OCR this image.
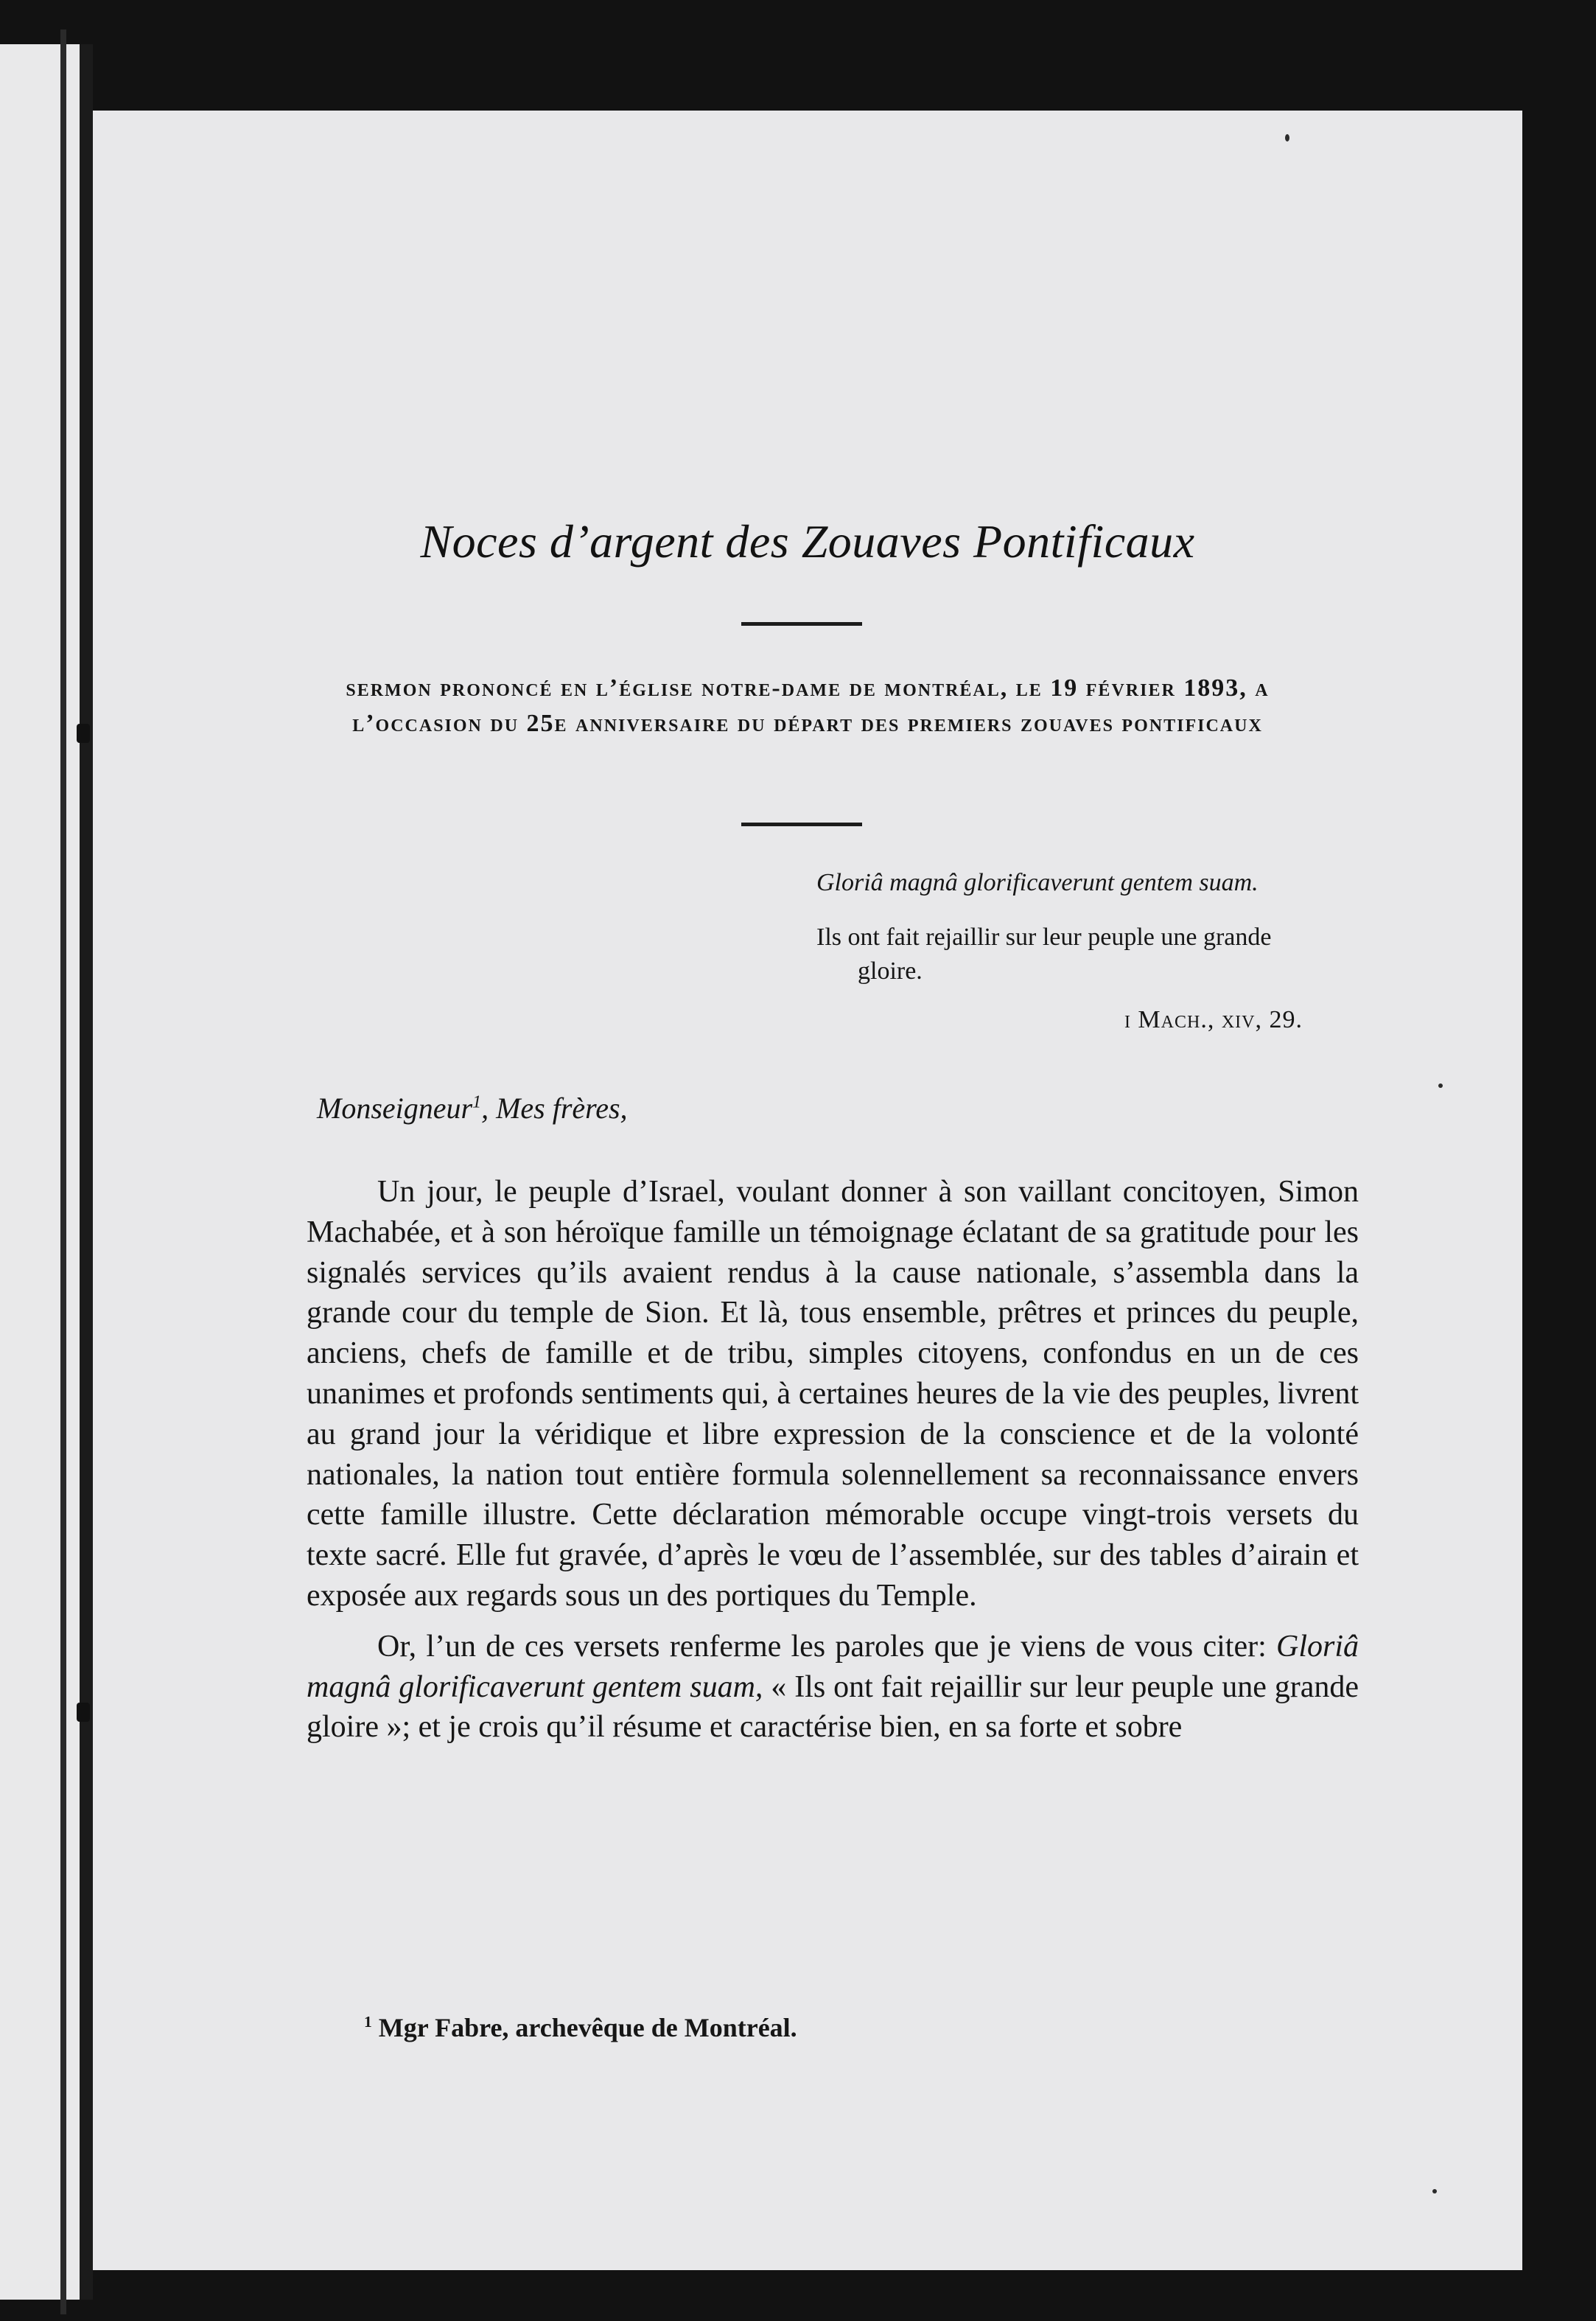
Noces d’argent des Zouaves Pontificaux
sermon prononcé en l’église notre-dame de montréal, le 19 février 1893, a l’occasion du 25e anniversaire du départ des premiers zouaves pontificaux

Gloriâ magnâ glorificaverunt gentem suam.

Ils ont fait rejaillir sur leur peuple une grande gloire.

i Mach., xiv, 29.

Monseigneur$^1$, Mes frères,

Un jour, le peuple d’Israel, voulant donner à son vaillant concitoyen, Simon Machabée, et à son héroïque famille un témoignage éclatant de sa gratitude pour les signalés services qu’ils avaient rendus à la cause nationale, s’assembla dans la grande cour du temple de Sion. Et là, tous ensemble, prêtres et princes du peuple, anciens, chefs de famille et de tribu, simples citoyens, confondus en un de ces unanimes et profonds sentiments qui, à certaines heures de la vie des peuples, livrent au grand jour la véridique et libre expression de la conscience et de la volonté nationales, la nation tout entière formula solennellement sa reconnaissance envers cette famille illustre. Cette déclaration mémorable occupe vingt-trois versets du texte sacré. Elle fut gravée, d’après le vœu de l’assemblée, sur des tables d’airain et exposée aux regards sous un des portiques du Temple.

Or, l’un de ces versets renferme les paroles que je viens de vous citer: Gloriâ magnâ glorificaverunt gentem suam, « Ils ont fait rejaillir sur leur peuple une grande gloire »; et je crois qu’il résume et caractérise bien, en sa forte et sobre

$^1$ Mgr Fabre, archevêque de Montréal.
